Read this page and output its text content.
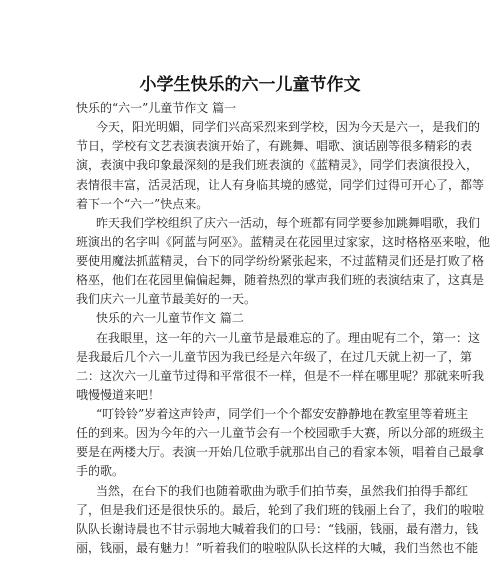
小学生快乐的六一儿童节作文
快乐的“六一”儿童节作文 篇一
今天，阳光明媚，同学们兴高采烈来到学校，因为今天是六一，是我们的
节日，学校有文艺表演表演开始了，有跳舞、唱歌、演话剧等很多精彩的表
演，表演中我印象最深刻的是我们班表演的《蓝精灵》，同学们表演很投入，
表情很丰富，活灵活现，让人有身临其境的感觉，同学们过得可开心了，都等
着下一个“六一”快点来。
昨天我们学校组织了庆六一活动，每个班都有同学要参加跳舞唱歌，我们
班演出的名字叫《阿蓝与阿巫》。蓝精灵在花园里过家家，这时格格巫来啦，他
要使用魔法抓蓝精灵，台下的同学纷纷紧张起来，不过蓝精灵们还是打败了格
格巫，他们在花园里偏偏起舞，随着热烈的掌声我们班的表演结束了，这真是
我们庆六一儿童节最美好的一天。
快乐的六一儿童节作文 篇二
在我眼里，这一年的六一儿童节是最难忘的了。理由呢有二个，第一：这
是我最后几个六一儿童节因为我已经是六年级了，在过几天就上初一了，第
二：这次六一儿童节过得和平常很不一样，但是不一样在哪里呢？那就来听我
哦慢慢道来吧！
“叮铃铃”岁着这声铃声，同学们一个个都安安静静地在教室里等着班主
任的到来。因为今年的六一儿童节会有一个校园歌手大赛，所以分部的班级主
要是在两楼大厅。表演一开始几位歌手就那出自己的看家本领，唱着自己最拿
手的歌。
当然，在台下的我们也随着歌曲为歌手们拍节奏，虽然我们拍得手都红
了，但是我们还是很快乐的。最后，轮到了我们班的钱丽上台了，我们的啦啦
队队长谢诗晨也不甘示弱地大喊着我们的口号：“钱丽，钱丽，最有潜力，钱
丽，钱丽，最有魅力！”听着我们的啦啦队队长这样的大喊，我们当然也不能
